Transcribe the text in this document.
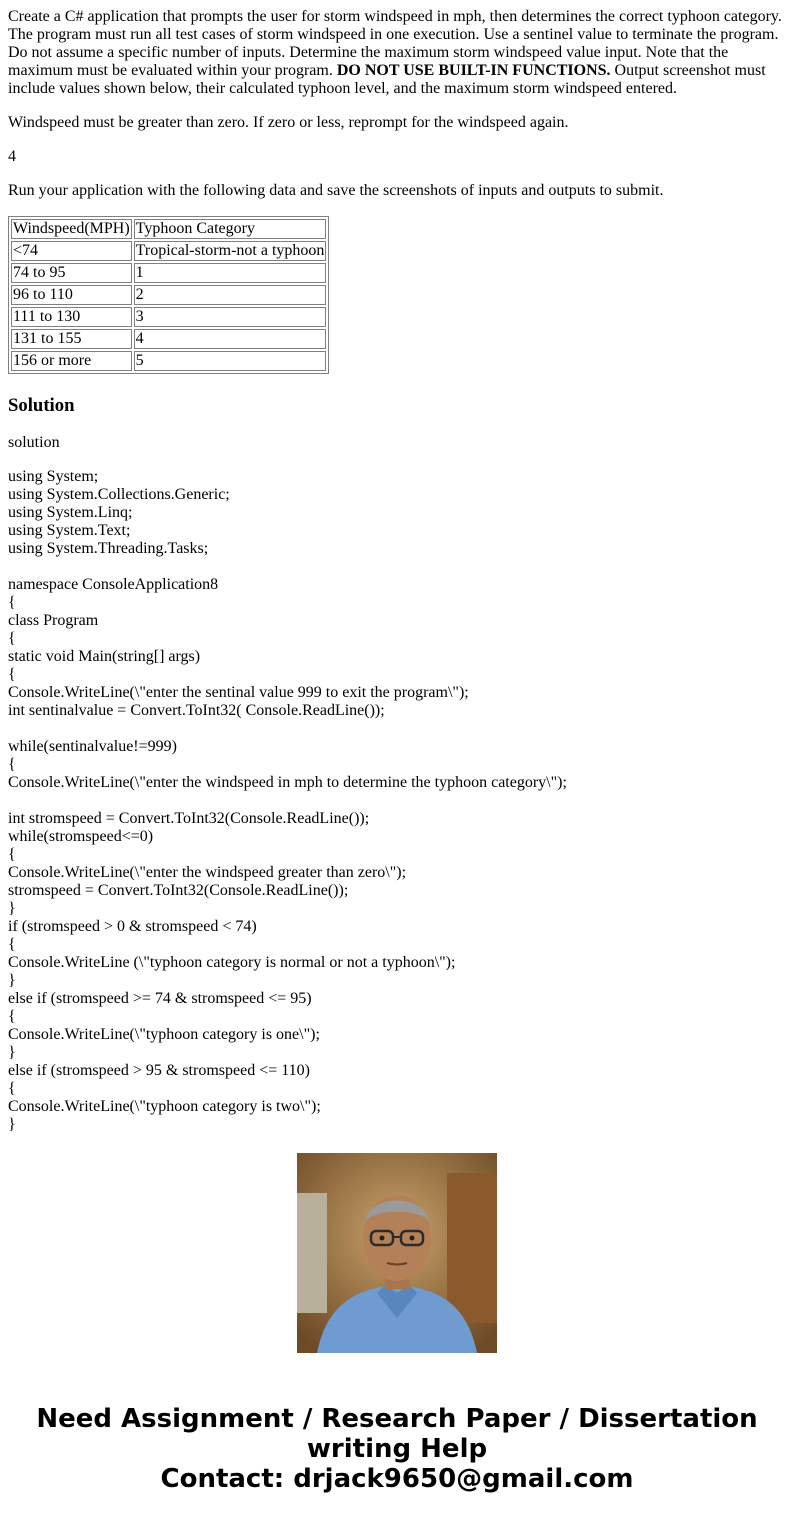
Create a C# application that prompts the user for storm windspeed in mph, then determines the correct typhoon category. The program must run all test cases of storm windspeed in one execution. Use a sentinel value to terminate the program. Do not assume a specific number of inputs. Determine the maximum storm windspeed value input. Note that the maximum must be evaluated within your program. DO NOT USE BUILT-IN FUNCTIONS. Output screenshot must include values shown below, their calculated typhoon level, and the maximum storm windspeed entered.

Windspeed must be greater than zero. If zero or less, reprompt for the windspeed again.

4

Run your application with the following data and save the screenshots of inputs and outputs to submit.

Windspeed(MPH)	Typhoon Category
<74	Tropical-storm-not a typhoon
74 to 95	1
96 to 110	2
111 to 130	3
131 to 155	4
156 or more	5
Solution

solution

using System;
using System.Collections.Generic;
using System.Linq;
using System.Text;
using System.Threading.Tasks;

namespace ConsoleApplication8
{
class Program
{
static void Main(string[] args)
{
Console.WriteLine(\"enter the sentinal value 999 to exit the program\");
int sentinalvalue = Convert.ToInt32( Console.ReadLine());

while(sentinalvalue!=999)
{
Console.WriteLine(\"enter the windspeed in mph to determine the typhoon category\");

int stromspeed = Convert.ToInt32(Console.ReadLine());
while(stromspeed<=0)
{
Console.WriteLine(\"enter the windspeed greater than zero\");
stromspeed = Convert.ToInt32(Console.ReadLine());
}
if (stromspeed > 0 & stromspeed < 74)
{
Console.WriteLine (\"typhoon category is normal or not a typhoon\");
}
else if (stromspeed >= 74 & stromspeed <= 95)
{
Console.WriteLine(\"typhoon category is one\");
}
else if (stromspeed > 95 & stromspeed <= 110)
{
Console.WriteLine(\"typhoon category is two\");
}
Need Assignment / Research Paper / Dissertation
writing Help
Contact: drjack9650@gmail.com
